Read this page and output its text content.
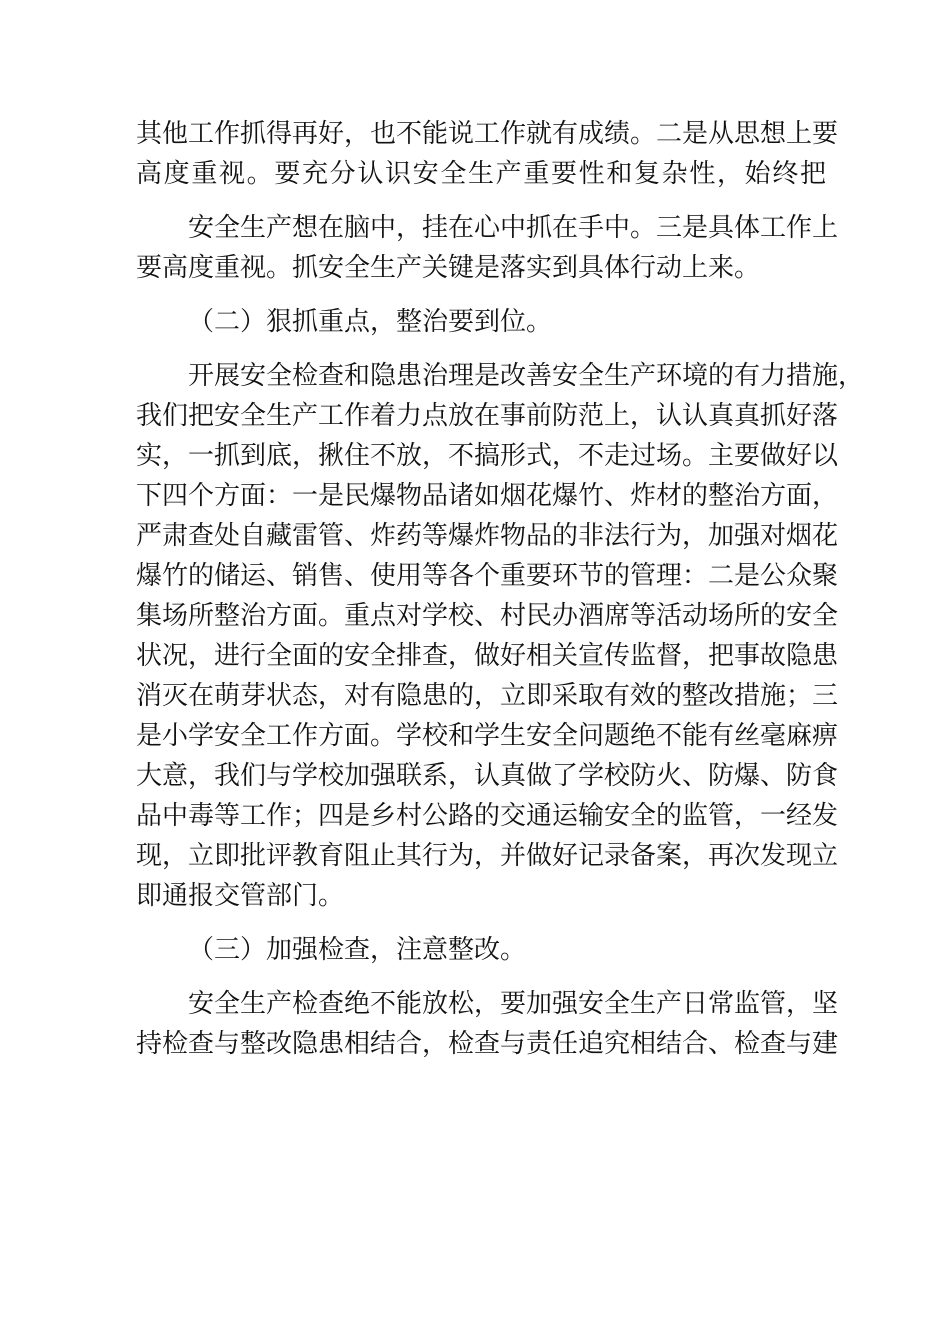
其他工作抓得再好，也不能说工作就有成绩。二是从思想上要
高度重视。要充分认识安全生产重要性和复杂性，始终把
安全生产想在脑中，挂在心中抓在手中。三是具体工作上
要高度重视。抓安全生产关键是落实到具体行动上来。
（二）狠抓重点，整治要到位。
开展安全检查和隐患治理是改善安全生产环境的有力措施，
我们把安全生产工作着力点放在事前防范上，认认真真抓好落
实，一抓到底，揪住不放，不搞形式，不走过场。主要做好以
下四个方面：一是民爆物品诸如烟花爆竹、炸材的整治方面，
严肃查处自藏雷管、炸药等爆炸物品的非法行为，加强对烟花
爆竹的储运、销售、使用等各个重要环节的管理：二是公众聚
集场所整治方面。重点对学校、村民办酒席等活动场所的安全
状况，进行全面的安全排查，做好相关宣传监督，把事故隐患
消灭在萌芽状态，对有隐患的，立即采取有效的整改措施；三
是小学安全工作方面。学校和学生安全问题绝不能有丝毫麻痹
大意，我们与学校加强联系，认真做了学校防火、防爆、防食
品中毒等工作；四是乡村公路的交通运输安全的监管，一经发
现，立即批评教育阻止其行为，并做好记录备案，再次发现立
即通报交管部门。
（三）加强检查，注意整改。
安全生产检查绝不能放松，要加强安全生产日常监管，坚
持检查与整改隐患相结合，检查与责任追究相结合、检查与建
